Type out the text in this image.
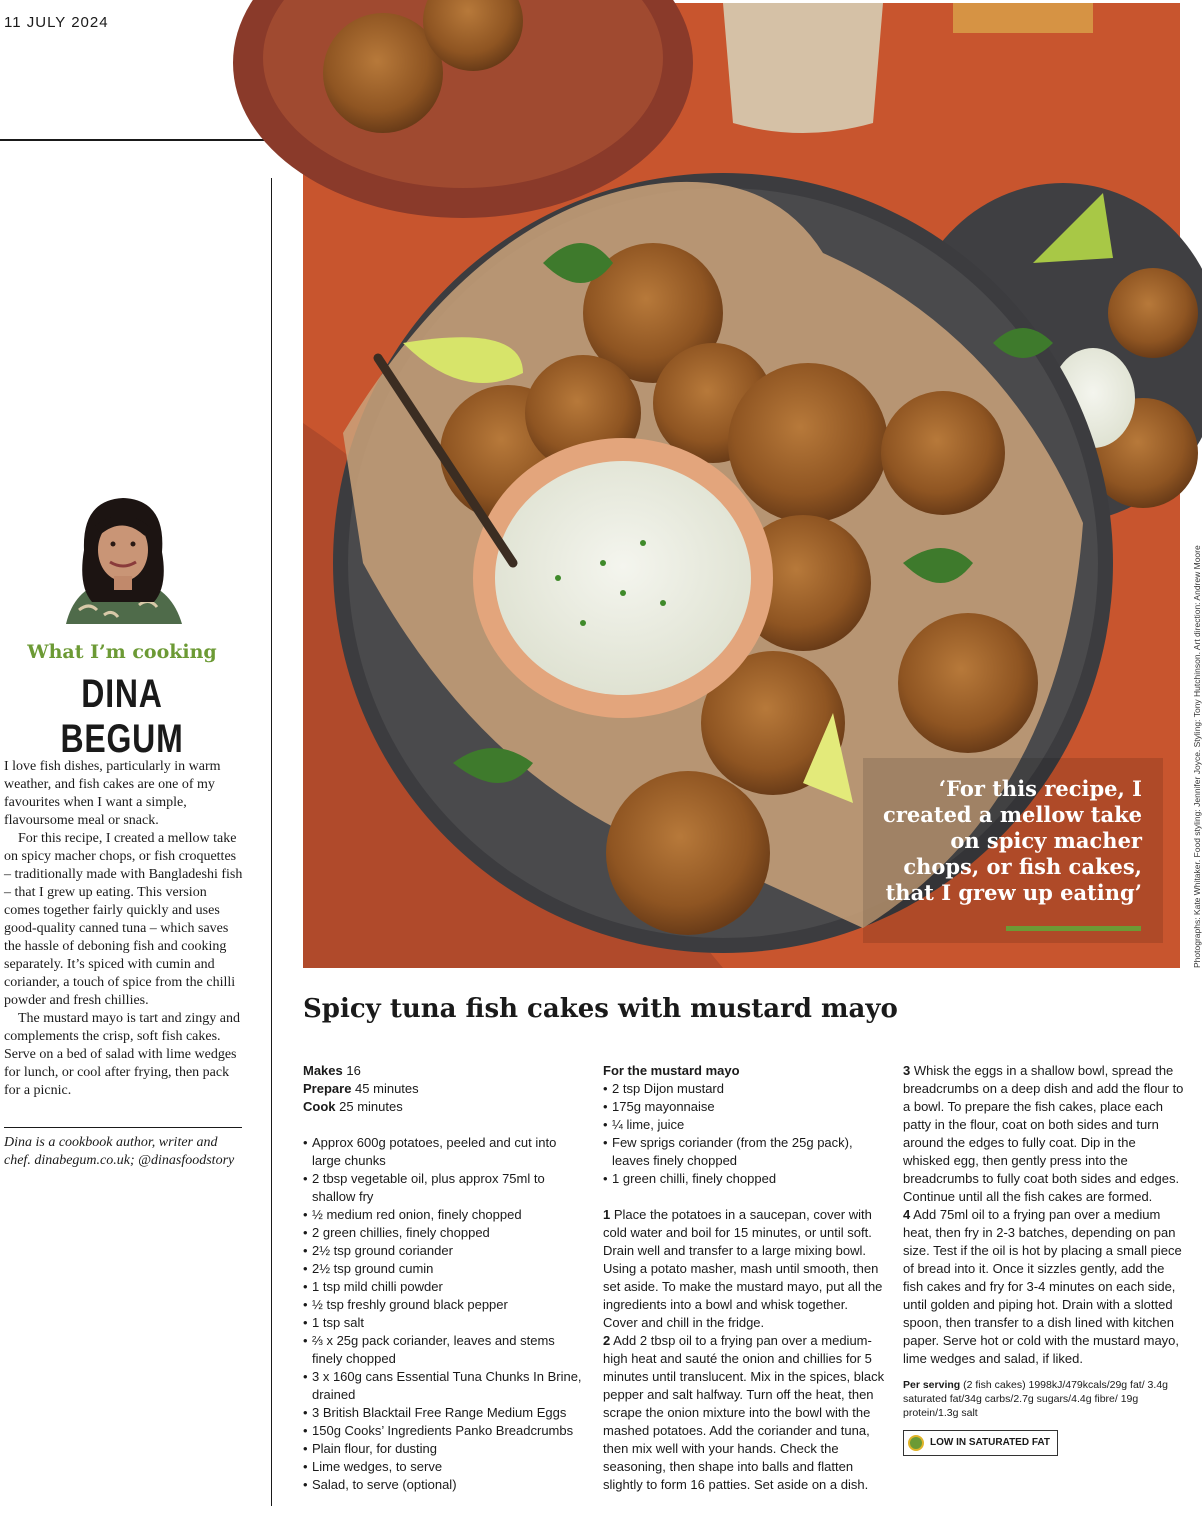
11 JULY 2024
What I’m cooking
DINA BEGUM

I love fish dishes, particularly in warm weather, and fish cakes are one of my favourites when I want a simple, flavoursome meal or snack.

For this recipe, I created a mellow take on spicy macher chops, or fish croquettes – traditionally made with Bangladeshi fish – that I grew up eating. This version comes together fairly quickly and uses good-quality canned tuna – which saves the hassle of deboning fish and cooking separately. It’s spiced with cumin and coriander, a touch of spice from the chilli powder and fresh chillies.

The mustard mayo is tart and zingy and complements the crisp, soft fish cakes. Serve on a bed of salad with lime wedges for lunch, or cool after frying, then pack for a picnic.

Dina is a cookbook author, writer and chef. dinabegum.co.uk; @dinasfoodstory
‘For this recipe, I created a mellow take on spicy macher chops, or fish cakes, that I grew up eating’	Photographs: Kate Whitaker. Food styling: Jennifer Joyce. Styling: Tony Hutchinson. Art direction: Andrew Moore
Spicy tuna fish cakes with mustard mayo
Makes 16
Prepare 45 minutes
Cook 25 minutes
• Approx 600g potatoes, peeled and cut into large chunks
• 2 tbsp vegetable oil, plus approx 75ml to shallow fry
• ½ medium red onion, finely chopped
• 2 green chillies, finely chopped
• 2½ tsp ground coriander
• 2½ tsp ground cumin
• 1 tsp mild chilli powder
• ½ tsp freshly ground black pepper
• 1 tsp salt
• ⅔ x 25g pack coriander, leaves and stems finely chopped
• 3 x 160g cans Essential Tuna Chunks In Brine, drained
• 3 British Blacktail Free Range Medium Eggs
• 150g Cooks’ Ingredients Panko Breadcrumbs
• Plain flour, for dusting
• Lime wedges, to serve
• Salad, to serve (optional)
For the mustard mayo
• 2 tsp Dijon mustard
• 175g mayonnaise
• ¼ lime, juice
• Few sprigs coriander (from the 25g pack), leaves finely chopped
• 1 green chilli, finely chopped

1 Place the potatoes in a saucepan, cover with cold water and boil for 15 minutes, or until soft. Drain well and transfer to a large mixing bowl. Using a potato masher, mash until smooth, then set aside. To make the mustard mayo, put all the ingredients into a bowl and whisk together. Cover and chill in the fridge.

2 Add 2 tbsp oil to a frying pan over a medium-high heat and sauté the onion and chillies for 5 minutes until translucent. Mix in the spices, black pepper and salt halfway. Turn off the heat, then scrape the onion mixture into the bowl with the mashed potatoes. Add the coriander and tuna, then mix well with your hands. Check the seasoning, then shape into balls and flatten slightly to form 16 patties. Set aside on a dish.

3 Whisk the eggs in a shallow bowl, spread the breadcrumbs on a deep dish and add the flour to a bowl. To prepare the fish cakes, place each patty in the flour, coat on both sides and turn around the edges to fully coat. Dip in the whisked egg, then gently press into the breadcrumbs to fully coat both sides and edges. Continue until all the fish cakes are formed.

4 Add 75ml oil to a frying pan over a medium heat, then fry in 2-3 batches, depending on pan size. Test if the oil is hot by placing a small piece of bread into it. Once it sizzles gently, add the fish cakes and fry for 3-4 minutes on each side, until golden and piping hot. Drain with a slotted spoon, then transfer to a dish lined with kitchen paper. Serve hot or cold with the mustard mayo, lime wedges and salad, if liked.

Per serving (2 fish cakes) 1998kJ/479kcals/29g fat/ 3.4g saturated fat/34g carbs/2.7g sugars/4.4g fibre/ 19g protein/1.3g salt
LOW IN SATURATED FAT
